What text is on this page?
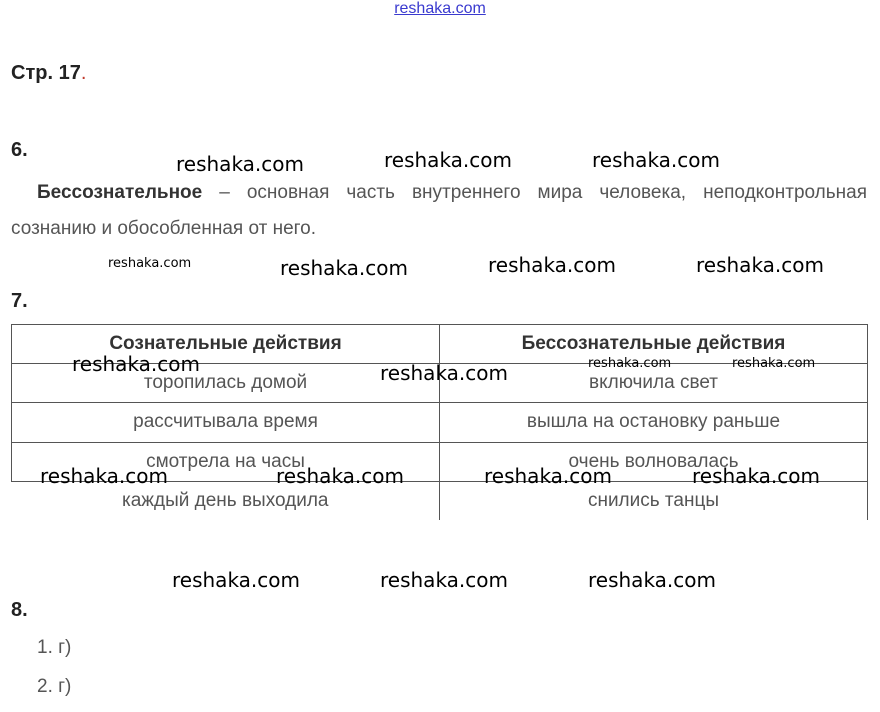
reshaka.com
Стр. 17.
6.
Бессознательное – основная часть внутреннего мира человека, неподконтрольная сознанию и обособленная от него.
7.
Сознательные действия	Бессознательные действия
торопилась домой	включила свет
рассчитывала время	вышла на остановку раньше
смотрела на часы	очень волновалась
каждый день выходила	снились танцы
8.
1. г)
2. г)
reshaka.com	reshaka.com	reshaka.com
reshaka.com	reshaka.com	reshaka.com	reshaka.com
reshaka.com	reshaka.com	reshaka.com	reshaka.com
reshaka.com	reshaka.com	reshaka.com	reshaka.com
reshaka.com	reshaka.com	reshaka.com
